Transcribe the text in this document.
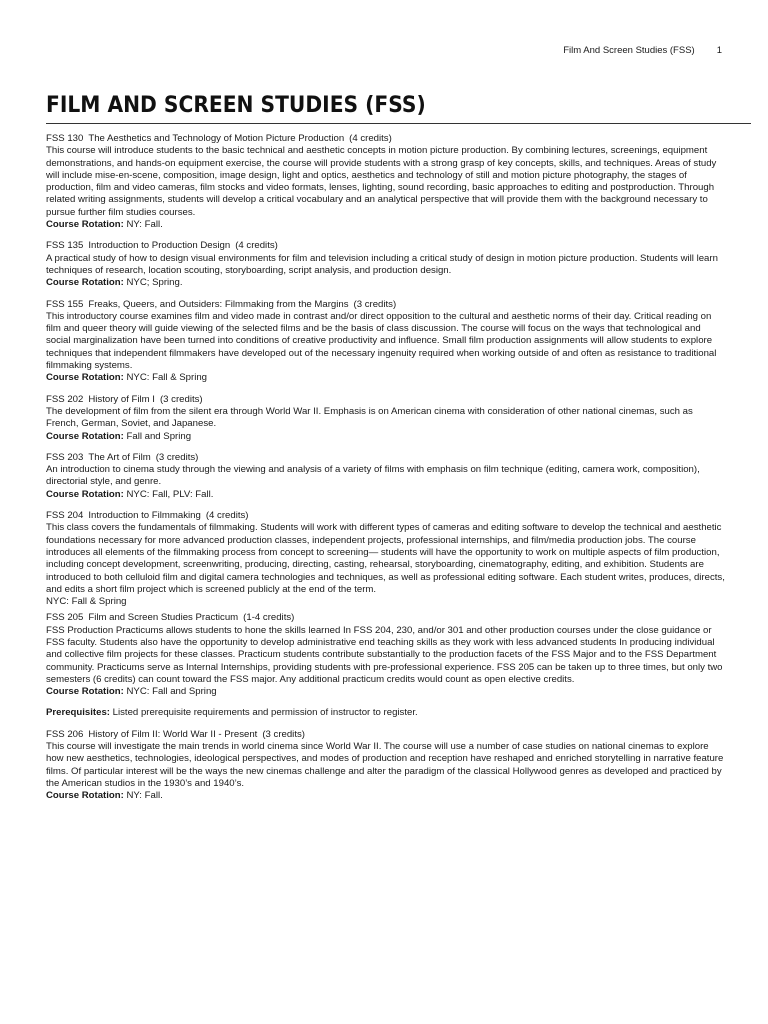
Film And Screen Studies (FSS) 1
FILM AND SCREEN STUDIES (FSS)
FSS 130 The Aesthetics and Technology of Motion Picture Production (4 credits)
This course will introduce students to the basic technical and aesthetic concepts in motion picture production. By combining lectures, screenings, equipment demonstrations, and hands-on equipment exercise, the course will provide students with a strong grasp of key concepts, skills, and techniques. Areas of study will include mise-en-scene, composition, image design, light and optics, aesthetics and technology of still and motion picture photography, the stages of production, film and video cameras, film stocks and video formats, lenses, lighting, sound recording, basic approaches to editing and postproduction. Through related writing assignments, students will develop a critical vocabulary and an analytical perspective that will provide them with the background necessary to pursue further film studies courses.
Course Rotation: NY: Fall.
FSS 135 Introduction to Production Design (4 credits)
A practical study of how to design visual environments for film and television including a critical study of design in motion picture production. Students will learn techniques of research, location scouting, storyboarding, script analysis, and production design.
Course Rotation: NYC; Spring.
FSS 155 Freaks, Queers, and Outsiders: Filmmaking from the Margins (3 credits)
This introductory course examines film and video made in contrast and/or direct opposition to the cultural and aesthetic norms of their day. Critical reading on film and queer theory will guide viewing of the selected films and be the basis of class discussion. The course will focus on the ways that technological and social marginalization have been turned into conditions of creative productivity and influence. Small film production assignments will allow students to explore techniques that independent filmmakers have developed out of the necessary ingenuity required when working outside of and often as resistance to traditional filmmaking systems.
Course Rotation: NYC: Fall & Spring
FSS 202 History of Film I (3 credits)
The development of film from the silent era through World War II. Emphasis is on American cinema with consideration of other national cinemas, such as French, German, Soviet, and Japanese.
Course Rotation: Fall and Spring
FSS 203 The Art of Film (3 credits)
An introduction to cinema study through the viewing and analysis of a variety of films with emphasis on film technique (editing, camera work, composition), directorial style, and genre.
Course Rotation: NYC: Fall, PLV: Fall.
FSS 204 Introduction to Filmmaking (4 credits)
This class covers the fundamentals of filmmaking. Students will work with different types of cameras and editing software to develop the technical and aesthetic foundations necessary for more advanced production classes, independent projects, professional internships, and film/media production jobs. The course introduces all elements of the filmmaking process from concept to screening— students will have the opportunity to work on multiple aspects of film production, including concept development, screenwriting, producing, directing, casting, rehearsal, storyboarding, cinematography, editing, and exhibition. Students are introduced to both celluloid film and digital camera technologies and techniques, as well as professional editing software. Each student writes, produces, directs, and edits a short film project which is screened publicly at the end of the term.
NYC: Fall & Spring
FSS 205 Film and Screen Studies Practicum (1-4 credits)
FSS Production Practicums allows students to hone the skills learned In FSS 204, 230, and/or 301 and other production courses under the close guidance or FSS faculty. Students also have the opportunity to develop administrative end teaching skills as they work with less advanced students In producing individual and collective film projects for these classes. Practicum students contribute substantially to the production facets of the FSS Major and to the FSS Department community. Practicums serve as Internal Internships, providing students with pre-professional experience. FSS 205 can be taken up to three times, but only two semesters (6 credits) can count toward the FSS major. Any additional practicum credits would count as open elective credits.
Course Rotation: NYC: Fall and Spring
Prerequisites: Listed prerequisite requirements and permission of instructor to register.
FSS 206 History of Film II: World War II - Present (3 credits)
This course will investigate the main trends in world cinema since World War II. The course will use a number of case studies on national cinemas to explore how new aesthetics, technologies, ideological perspectives, and modes of production and reception have reshaped and enriched storytelling in narrative feature films. Of particular interest will be the ways the new cinemas challenge and alter the paradigm of the classical Hollywood genres as developed and practiced by the American studios in the 1930’s and 1940’s.
Course Rotation: NY: Fall.
